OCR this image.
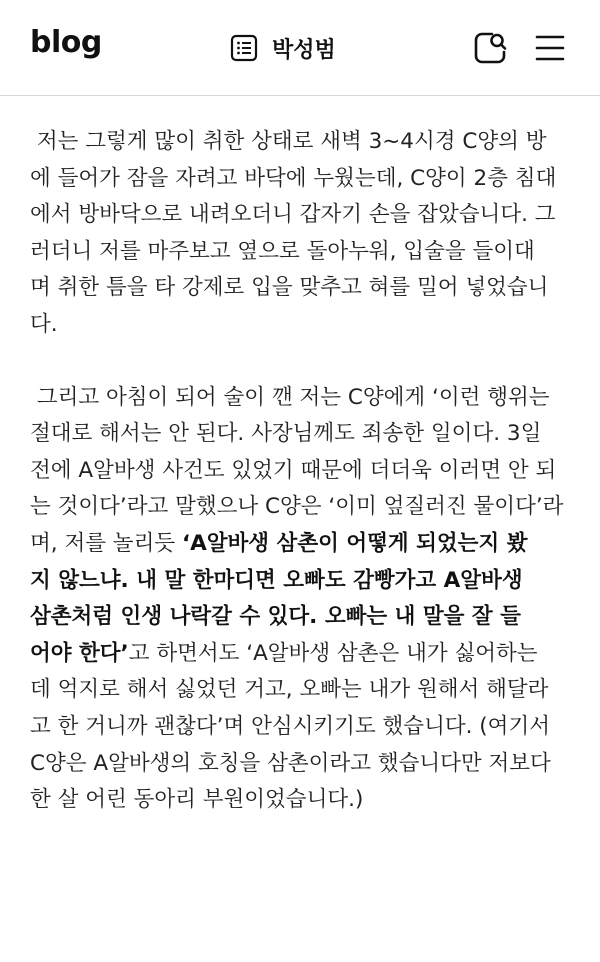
blog	박성범

저는 그렇게 많이 취한 상태로 새벽 3~4시경 C양의 방
에 들어가 잠을 자려고 바닥에 누웠는데, C양이 2층 침대
에서 방바닥으로 내려오더니 갑자기 손을 잡았습니다. 그
러더니 저를 마주보고 옆으로 돌아누워, 입술을 들이대
며 취한 틈을 타 강제로 입을 맞추고 혀를 밀어 넣었습니
다.

그리고 아침이 되어 술이 깬 저는 C양에게 ‘이런 행위는
절대로 해서는 안 된다. 사장님께도 죄송한 일이다. 3일
전에 A알바생 사건도 있었기 때문에 더더욱 이러면 안 되
는 것이다’라고 말했으나 C양은 ‘이미 엎질러진 물이다’라
며, 저를 놀리듯 ‘A알바생 삼촌이 어떻게 되었는지 봤
지 않느냐. 내 말 한마디면 오빠도 감빵가고 A알바생
삼촌처럼 인생 나락갈 수 있다. 오빠는 내 말을 잘 들
어야 한다’고 하면서도 ‘A알바생 삼촌은 내가 싫어하는
데 억지로 해서 싫었던 거고, 오빠는 내가 원해서 해달라
고 한 거니까 괜찮다’며 안심시키기도 했습니다. (여기서
C양은 A알바생의 호칭을 삼촌이라고 했습니다만 저보다
한 살 어린 동아리 부원이었습니다.)
